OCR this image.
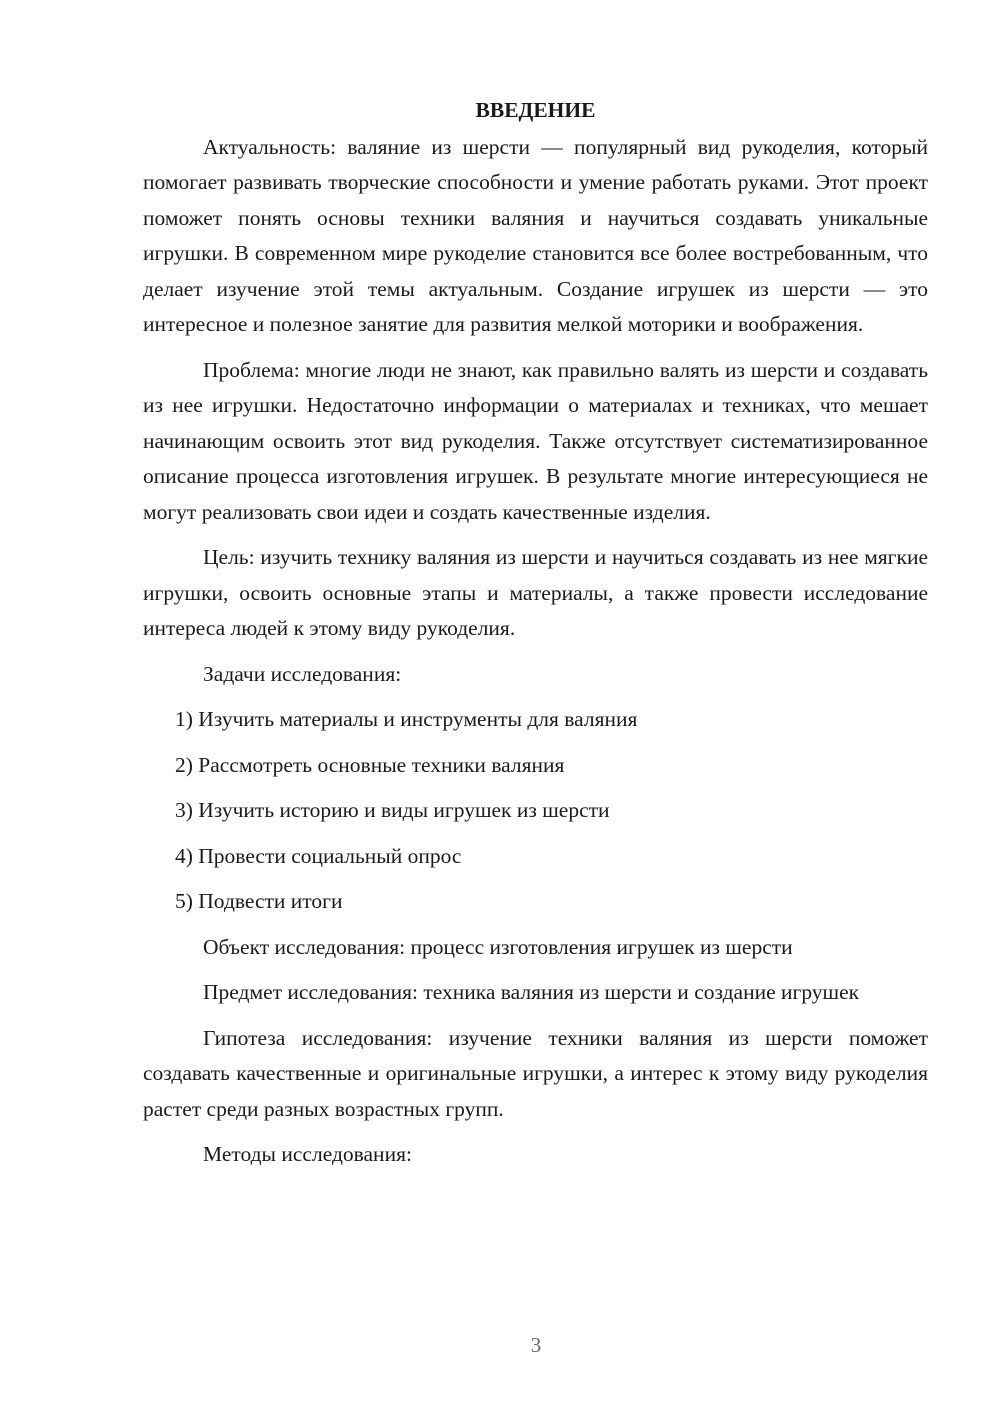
ВВЕДЕНИЕ

Актуальность: валяние из шерсти — популярный вид рукоделия, который помогает развивать творческие способности и умение работать руками. Этот проект поможет понять основы техники валяния и научиться создавать уникальные игрушки. В современном мире рукоделие становится все более востребованным, что делает изучение этой темы актуальным. Создание игрушек из шерсти — это интересное и полезное занятие для развития мелкой моторики и воображения.

Проблема: многие люди не знают, как правильно валять из шерсти и создавать из нее игрушки. Недостаточно информации о материалах и техниках, что мешает начинающим освоить этот вид рукоделия. Также отсутствует систематизированное описание процесса изготовления игрушек. В результате многие интересующиеся не могут реализовать свои идеи и создать качественные изделия.

Цель: изучить технику валяния из шерсти и научиться создавать из нее мягкие игрушки, освоить основные этапы и материалы, а также провести исследование интереса людей к этому виду рукоделия.

Задачи исследования:

1) Изучить материалы и инструменты для валяния

2) Рассмотреть основные техники валяния

3) Изучить историю и виды игрушек из шерсти

4) Провести социальный опрос

5) Подвести итоги

Объект исследования: процесс изготовления игрушек из шерсти

Предмет исследования: техника валяния из шерсти и создание игрушек

Гипотеза исследования: изучение техники валяния из шерсти поможет создавать качественные и оригинальные игрушки, а интерес к этому виду рукоделия растет среди разных возрастных групп.

Методы исследования:

3
